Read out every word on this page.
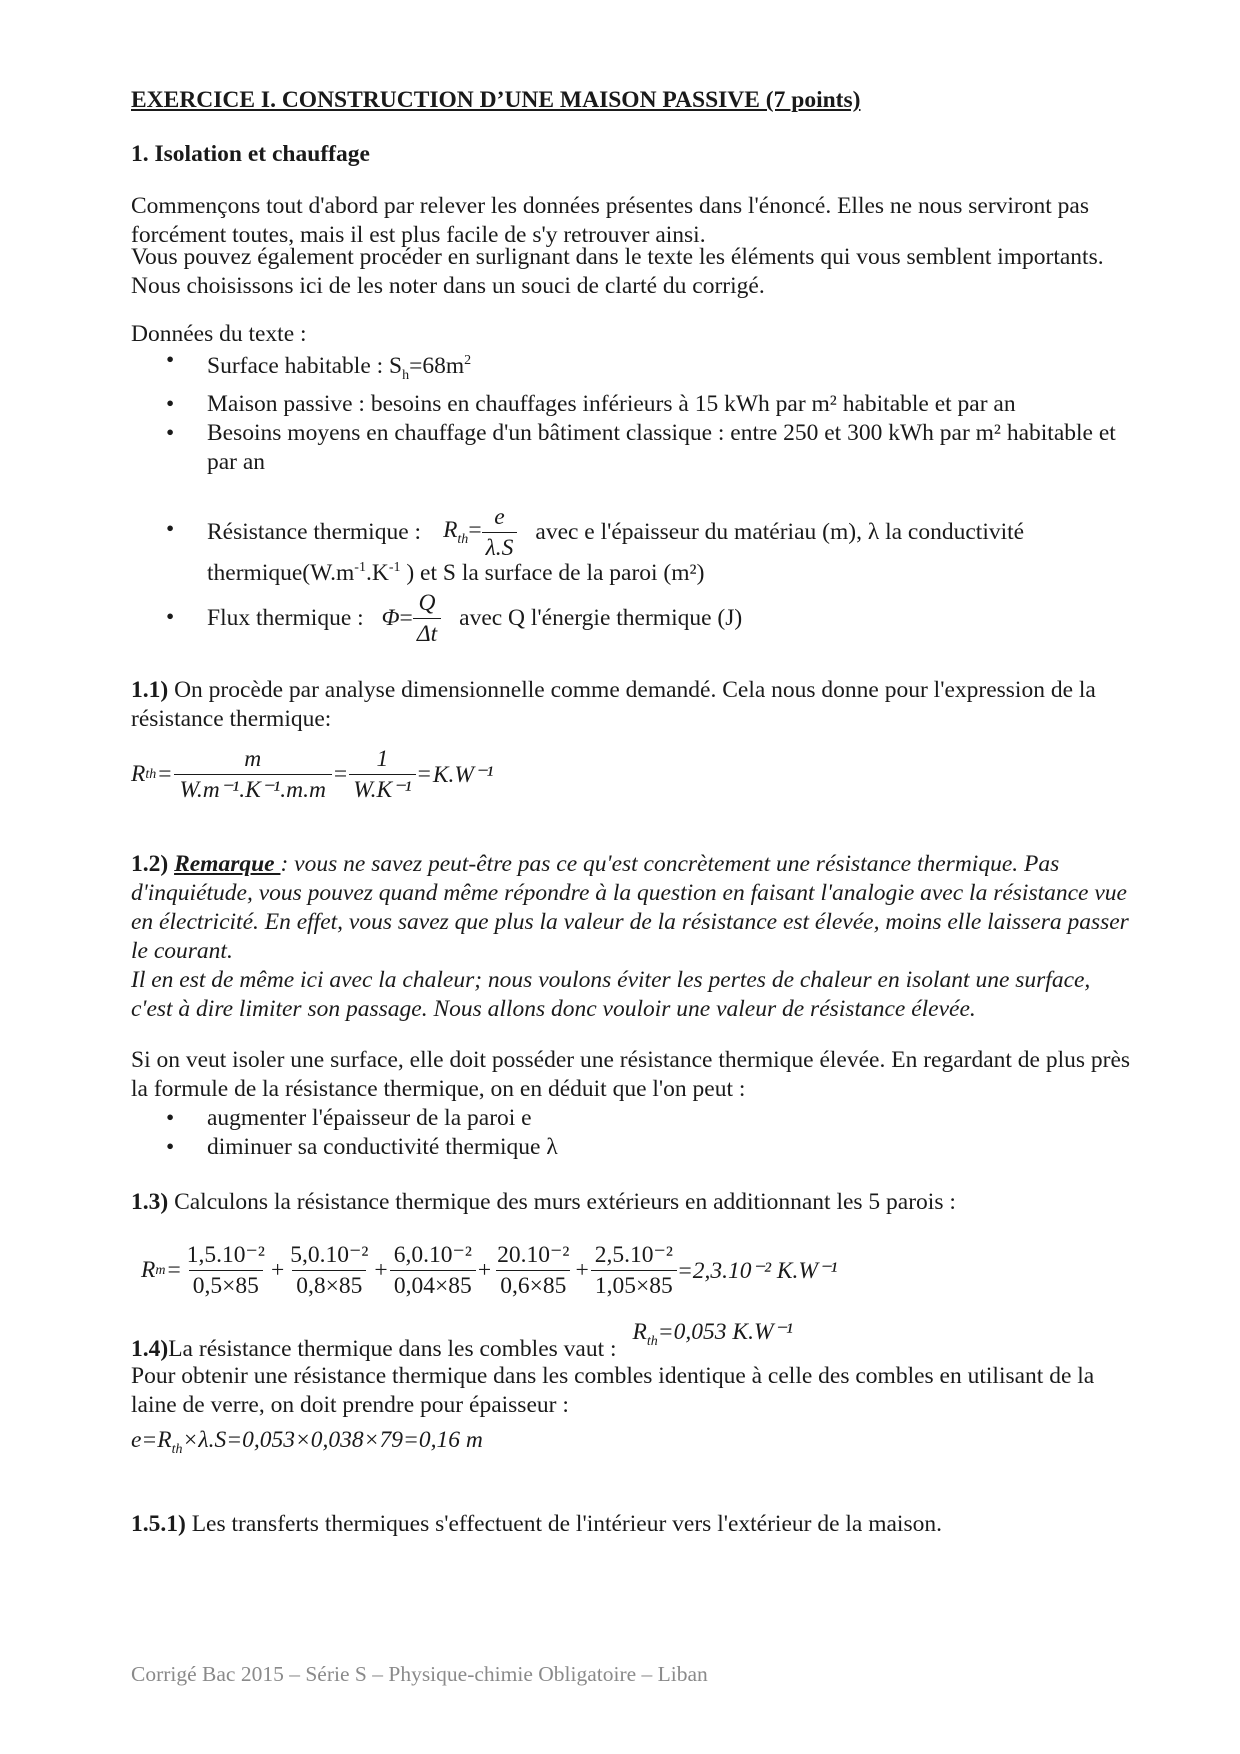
EXERCICE I. CONSTRUCTION D’UNE MAISON PASSIVE (7 points)
1. Isolation et chauffage
Commençons tout d'abord par relever les données présentes dans l'énoncé. Elles ne nous serviront pas forcément toutes, mais il est plus facile de s'y retrouver ainsi.
Vous pouvez également procéder en surlignant dans le texte les éléments qui vous semblent importants. Nous choisissons ici de les noter dans un souci de clarté du corrigé.
Données du texte :
• Surface habitable : $S_h=68m^2$
• Maison passive : besoins en chauffages inférieurs à 15 kWh par m² habitable et par an
• Besoins moyens en chauffage d'un bâtiment classique : entre 250 et 300 kWh par m² habitable et par an
• Résistance thermique : $R_{th}= \frac{e}{\lambda.S}$ avec e l'épaisseur du matériau (m), λ la conductivité
$thermique(W.m^{-1}.K^{-1}$ ) et S la surface de la paroi (m²)
• Flux thermique : $\Phi= \frac{Q}{\Delta t}$ avec Q l'énergie thermique (J)
1.1) On procède par analyse dimensionnelle comme demandé. Cela nous donne pour l'expression de la résistance thermique:
R th = $\frac{m}{\text{W.m⁻¹.K⁻¹.m.m}} = \frac{1}{\text{W.K⁻¹}} = K.W^{-1}$
1.2) Remarque : vous ne savez peut-être pas ce qu'est concrètement une résistance thermique. Pas d'inquiétude, vous pouvez quand même répondre à la question en faisant l'analogie avec la résistance vue en électricité. En effet, vous savez que plus la valeur de la résistance est élevée, moins elle laissera passer le courant.
Il en est de même ici avec la chaleur; nous voulons éviter les pertes de chaleur en isolant une surface, c'est à dire limiter son passage. Nous allons donc vouloir une valeur de résistance élevée.
Si on veut isoler une surface, elle doit posséder une résistance thermique élevée. En regardant de plus près la formule de la résistance thermique, on en déduit que l'on peut :
• augmenter l'épaisseur de la paroi e
• diminuer sa conductivité thermique λ
1.3) Calculons la résistance thermique des murs extérieurs en additionnant les 5 parois :
R $m = \frac{\text{1,5.10⁻²}}{0,5\times 85} + \frac{\text{5,0.10⁻²}}{0,8\times 85} + \frac{\text{6,0.10⁻²}}{0,04\times 85} + \frac{\text{20.10⁻²}}{0,6\times 85} + \frac{\text{2,5.10⁻²}}{1,05\times 85} =2,3.10^{-2}$ K.W⁻¹
1.4) La résistance thermique dans les combles vaut :
$R_{th}=0,053$ K.W⁻¹
Pour obtenir une résistance thermique dans les combles identique à celle des combles en utilisant de la laine de verre, on doit prendre pour épaisseur :
$e=R_{th}\times\lambda.S=0,053\times 0,038\times 79=0,16$ m
1.5.1) Les transferts thermiques s'effectuent de l'intérieur vers l'extérieur de la maison.
Corrigé Bac 2015 – Série S – Physique-chimie Obligatoire – Liban
